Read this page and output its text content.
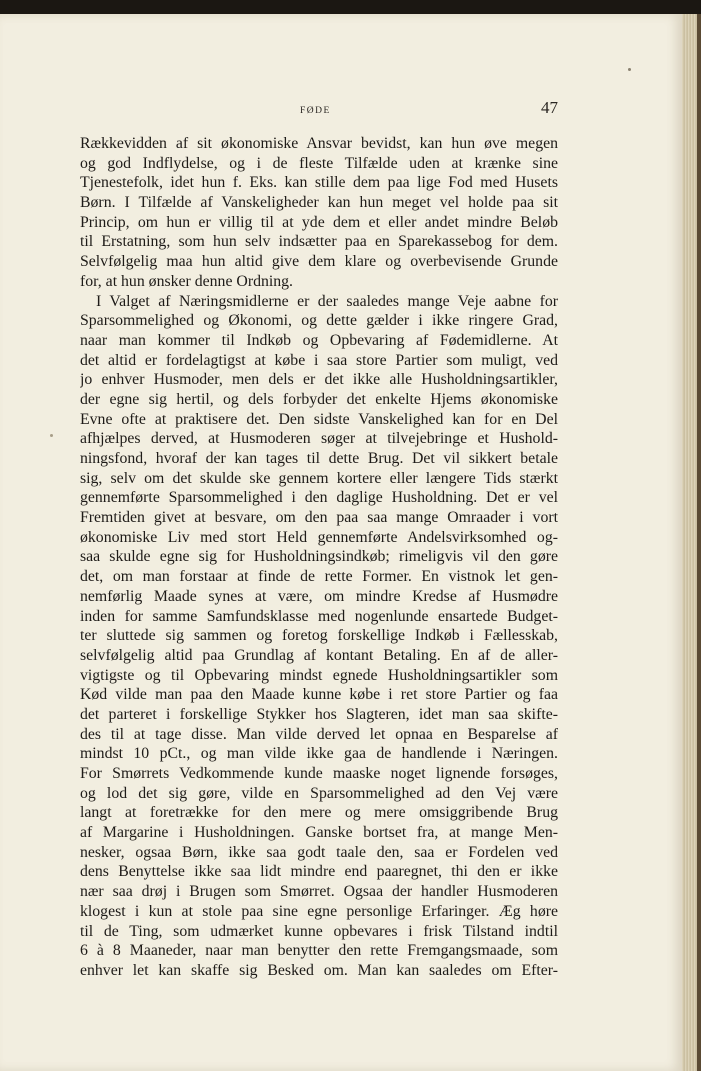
FØDE	47
Rækkevidden af sit økonomiske Ansvar bevidst, kan hun øve megen
og god Indflydelse, og i de fleste Tilfælde uden at krænke sine
Tjenestefolk, idet hun f. Eks. kan stille dem paa lige Fod med Husets
Børn. I Tilfælde af Vanskeligheder kan hun meget vel holde paa sit
Princip, om hun er villig til at yde dem et eller andet mindre Beløb
til Erstatning, som hun selv indsætter paa en Sparekassebog for dem.
Selvfølgelig maa hun altid give dem klare og overbevisende Grunde
for, at hun ønsker denne Ordning.
I Valget af Næringsmidlerne er der saaledes mange Veje aabne for
Sparsommelighed og Økonomi, og dette gælder i ikke ringere Grad,
naar man kommer til Indkøb og Opbevaring af Fødemidlerne. At
det altid er fordelagtigst at købe i saa store Partier som muligt, ved
jo enhver Husmoder, men dels er det ikke alle Husholdningsartikler,
der egne sig hertil, og dels forbyder det enkelte Hjems økonomiske
Evne ofte at praktisere det. Den sidste Vanskelighed kan for en Del
afhjælpes derved, at Husmoderen søger at tilvejebringe et Hushold-
ningsfond, hvoraf der kan tages til dette Brug. Det vil sikkert betale
sig, selv om det skulde ske gennem kortere eller længere Tids stærkt
gennemførte Sparsommelighed i den daglige Husholdning. Det er vel
Fremtiden givet at besvare, om den paa saa mange Omraader i vort
økonomiske Liv med stort Held gennemførte Andelsvirksomhed og-
saa skulde egne sig for Husholdningsindkøb; rimeligvis vil den gøre
det, om man forstaar at finde de rette Former. En vistnok let gen-
nemførlig Maade synes at være, om mindre Kredse af Husmødre
inden for samme Samfundsklasse med nogenlunde ensartede Budget-
ter sluttede sig sammen og foretog forskellige Indkøb i Fællesskab,
selvfølgelig altid paa Grundlag af kontant Betaling. En af de aller-
vigtigste og til Opbevaring mindst egnede Husholdningsartikler som
Kød vilde man paa den Maade kunne købe i ret store Partier og faa
det parteret i forskellige Stykker hos Slagteren, idet man saa skifte-
des til at tage disse. Man vilde derved let opnaa en Besparelse af
mindst 10 pCt., og man vilde ikke gaa de handlende i Næringen.
For Smørrets Vedkommende kunde maaske noget lignende forsøges,
og lod det sig gøre, vilde en Sparsommelighed ad den Vej være
langt at foretrække for den mere og mere omsiggribende Brug
af Margarine i Husholdningen. Ganske bortset fra, at mange Men-
nesker, ogsaa Børn, ikke saa godt taale den, saa er Fordelen ved
dens Benyttelse ikke saa lidt mindre end paaregnet, thi den er ikke
nær saa drøj i Brugen som Smørret. Ogsaa der handler Husmoderen
klogest i kun at stole paa sine egne personlige Erfaringer. Æg høre
til de Ting, som udmærket kunne opbevares i frisk Tilstand indtil
6 à 8 Maaneder, naar man benytter den rette Fremgangsmaade, som
enhver let kan skaffe sig Besked om. Man kan saaledes om Efter-
